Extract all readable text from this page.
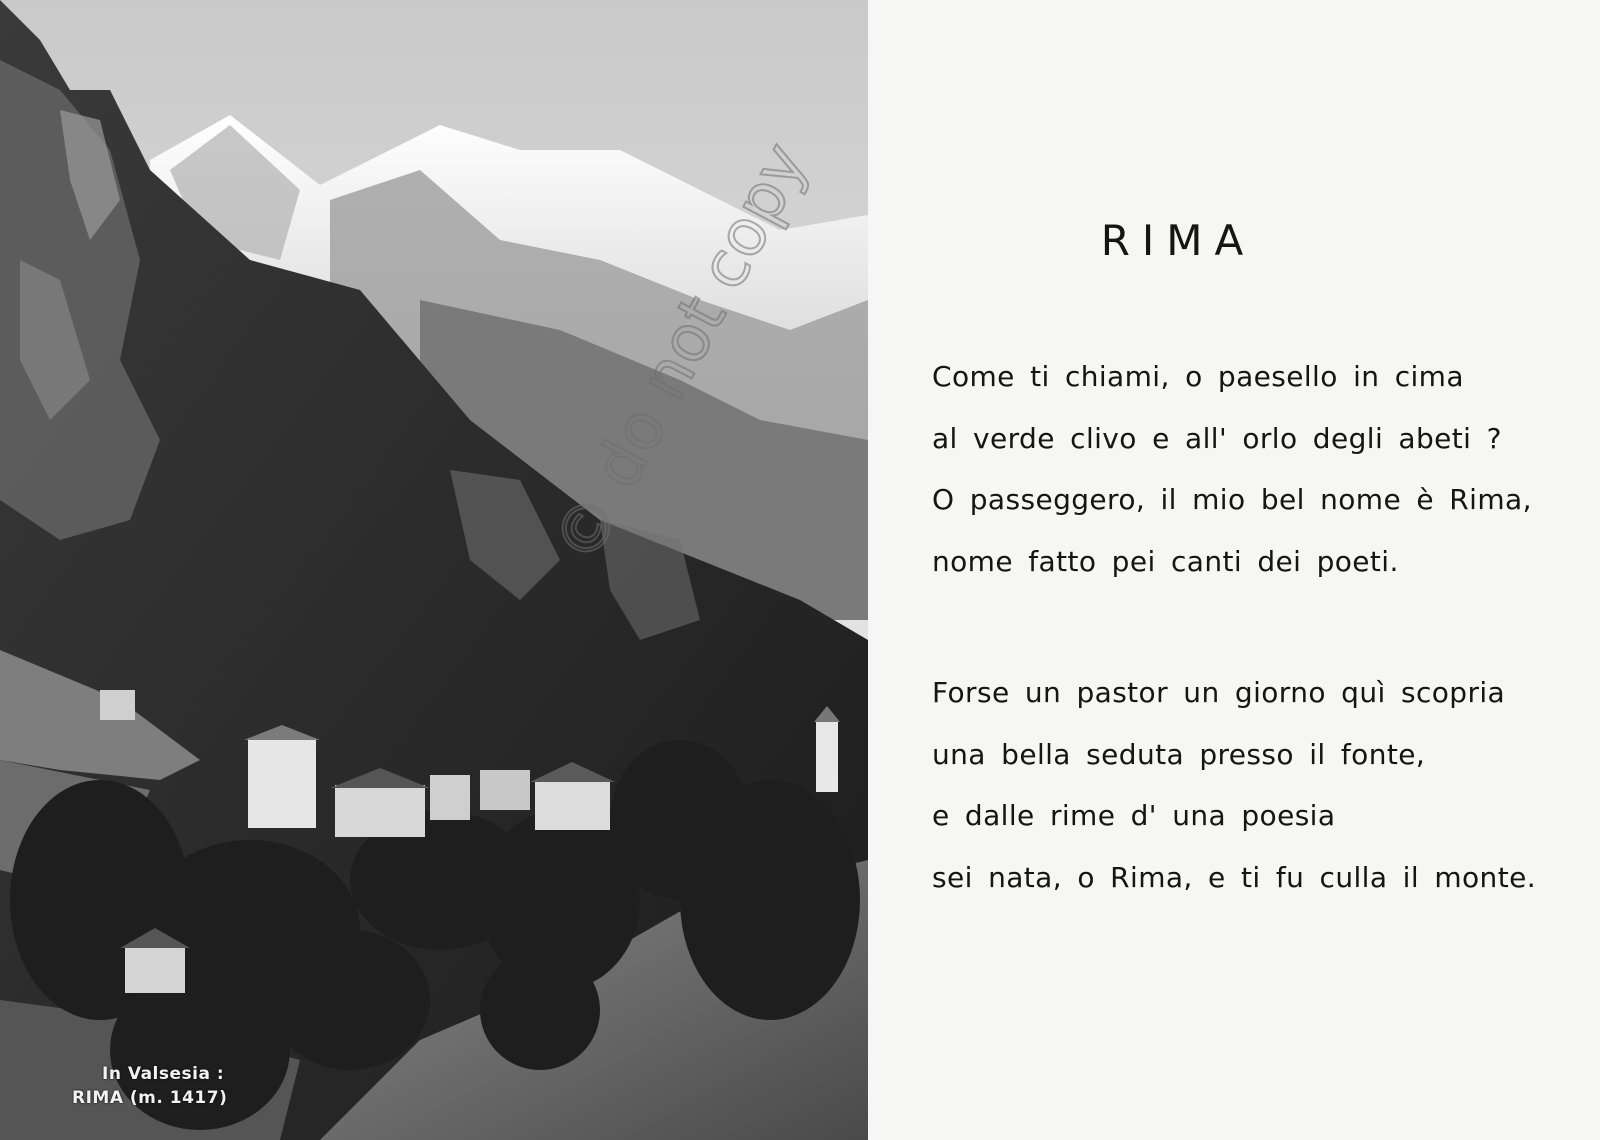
In Valsesia :
RIMA (m. 1417)
RIMA
Come ti chiami, o paesello in cima
al verde clivo e all' orlo degli abeti ?
O passeggero, il mio bel nome è Rima,
nome fatto pei canti dei poeti.
Forse un pastor un giorno quì scopria
una bella seduta presso il fonte,
e dalle rime d' una poesia
sei nata, o Rima, e ti fu culla il monte.
